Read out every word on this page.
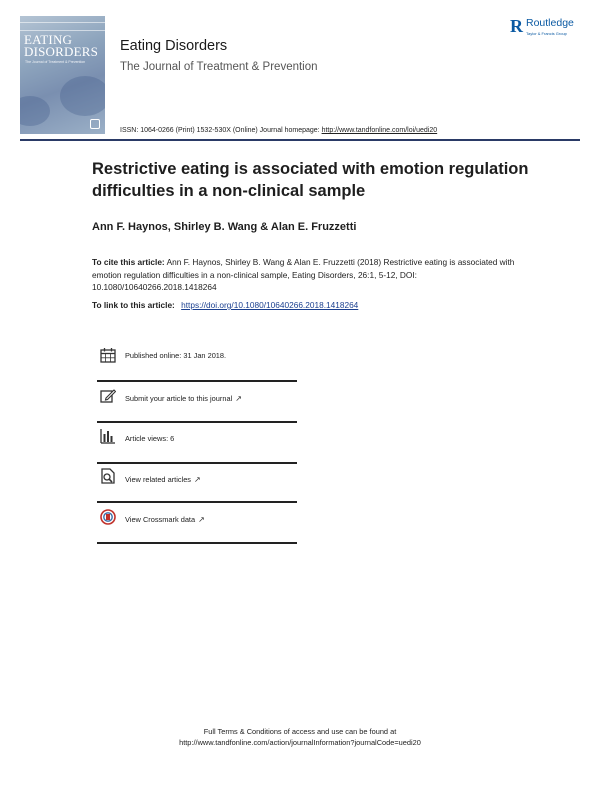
EATING
DISORDERS
The Journal of Treatment & Prevention
Eating Disorders
The Journal of Treatment & Prevention
R Routledge
Taylor & Francis Group
ISSN: 1064-0266 (Print) 1532-530X (Online) Journal homepage: http://www.tandfonline.com/loi/uedi20
Restrictive eating is associated with emotion regulation difficulties in a non-clinical sample
Ann F. Haynos, Shirley B. Wang & Alan E. Fruzzetti
To cite this article: Ann F. Haynos, Shirley B. Wang & Alan E. Fruzzetti (2018) Restrictive eating is associated with emotion regulation difficulties in a non-clinical sample, Eating Disorders, 26:1, 5-12, DOI: 10.1080/10640266.2018.1418264
To link to this article: https://doi.org/10.1080/10640266.2018.1418264
Published online: 31 Jan 2018.
Submit your article to this journal ↗
Article views: 6
View related articles ↗
View Crossmark data ↗
Full Terms & Conditions of access and use can be found at
http://www.tandfonline.com/action/journalInformation?journalCode=uedi20
